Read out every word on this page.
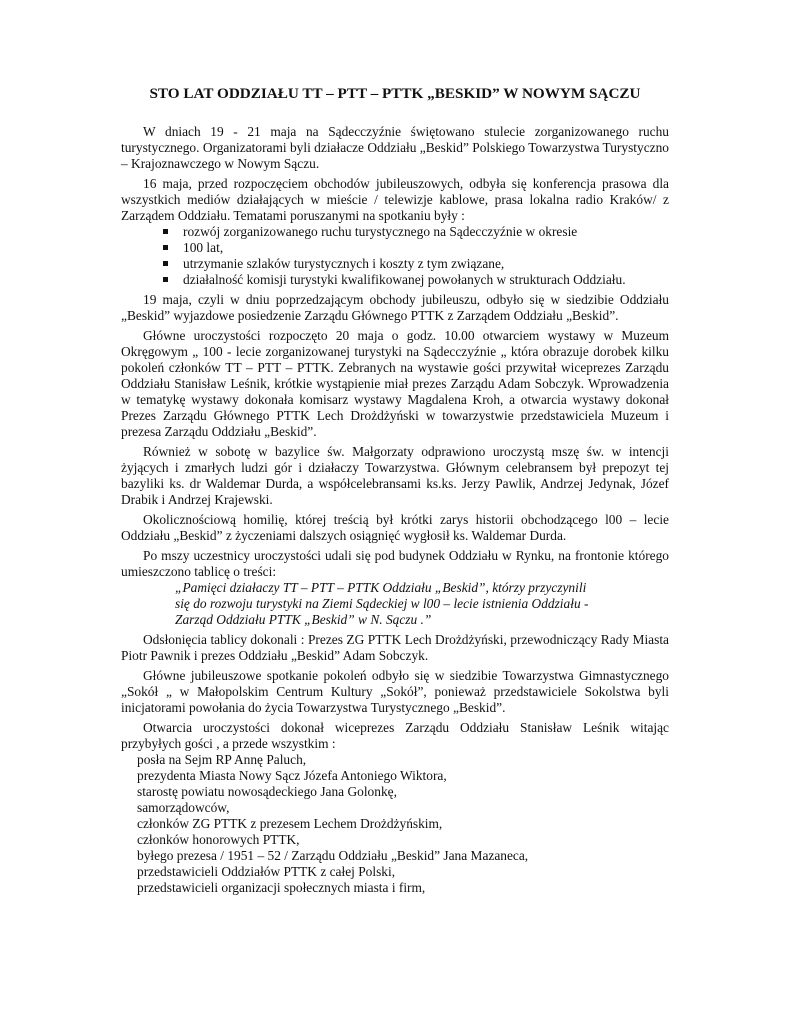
STO LAT ODDZIAŁU TT – PTT – PTTK „BESKID” W NOWYM SĄCZU

W dniach 19 - 21 maja na Sądecczyźnie świętowano stulecie zorganizowanego ruchu turystycznego. Organizatorami byli działacze Oddziału „Beskid” Polskiego Towarzystwa Turystyczno – Krajoznawczego w Nowym Sączu.

16 maja, przed rozpoczęciem obchodów jubileuszowych, odbyła się konferencja prasowa dla wszystkich mediów działających w mieście / telewizje kablowe, prasa lokalna radio Kraków/ z Zarządem Oddziału. Tematami poruszanymi na spotkaniu były :

rozwój zorganizowanego ruchu turystycznego na Sądecczyźnie w okresie
100 lat,
utrzymanie szlaków turystycznych i koszty z tym związane,
działalność komisji turystyki kwalifikowanej powołanych w strukturach Oddziału.

19 maja, czyli w dniu poprzedzającym obchody jubileuszu, odbyło się w siedzibie Oddziału „Beskid” wyjazdowe posiedzenie Zarządu Głównego PTTK z Zarządem Oddziału „Beskid”.

Główne uroczystości rozpoczęto 20 maja o godz. 10.00 otwarciem wystawy w Muzeum Okręgowym „ 100 - lecie zorganizowanej turystyki na Sądecczyźnie „ która obrazuje dorobek kilku pokoleń członków TT – PTT – PTTK. Zebranych na wystawie gości przywitał wiceprezes Zarządu Oddziału Stanisław Leśnik, krótkie wystąpienie miał prezes Zarządu Adam Sobczyk. Wprowadzenia w tematykę wystawy dokonała komisarz wystawy Magdalena Kroh, a otwarcia wystawy dokonał Prezes Zarządu Głównego PTTK Lech Drożdżyński w towarzystwie przedstawiciela Muzeum i prezesa Zarządu Oddziału „Beskid”.

Również w sobotę w bazylice św. Małgorzaty odprawiono uroczystą mszę św. w intencji żyjących i zmarłych ludzi gór i działaczy Towarzystwa. Głównym celebransem był prepozyt tej bazyliki ks. dr Waldemar Durda, a współcelebransami ks.ks. Jerzy Pawlik, Andrzej Jedynak, Józef Drabik i Andrzej Krajewski.

Okolicznościową homilię, której treścią był krótki zarys historii obchodzącego l00 – lecie Oddziału „Beskid” z życzeniami dalszych osiągnięć wygłosił ks. Waldemar Durda.

Po mszy uczestnicy uroczystości udali się pod budynek Oddziału w Rynku, na frontonie którego umieszczono tablicę o treści:

„Pamięci działaczy TT – PTT – PTTK Oddziału „Beskid”, którzy przyczynili
się do rozwoju turystyki na Ziemi Sądeckiej w l00 – lecie istnienia Oddziału -
Zarząd Oddziału PTTK „Beskid” w N. Sączu .”

Odsłonięcia tablicy dokonali : Prezes ZG PTTK Lech Drożdżyński, przewodniczący Rady Miasta Piotr Pawnik i prezes Oddziału „Beskid” Adam Sobczyk.

Główne jubileuszowe spotkanie pokoleń odbyło się w siedzibie Towarzystwa Gimnastycznego „Sokół „ w Małopolskim Centrum Kultury „Sokół”, ponieważ przedstawiciele Sokolstwa byli inicjatorami powołania do życia Towarzystwa Turystycznego „Beskid”.

Otwarcia uroczystości dokonał wiceprezes Zarządu Oddziału Stanisław Leśnik witając przybyłych gości , a przede wszystkim :

posła na Sejm RP Annę Paluch,
prezydenta Miasta Nowy Sącz Józefa Antoniego Wiktora,
starostę powiatu nowosądeckiego Jana Golonkę,
samorządowców,
członków ZG PTTK z prezesem Lechem Drożdżyńskim,
członków honorowych PTTK,
byłego prezesa / 1951 – 52 / Zarządu Oddziału „Beskid” Jana Mazaneca,
przedstawicieli Oddziałów PTTK z całej Polski,
przedstawicieli organizacji społecznych miasta i firm,
